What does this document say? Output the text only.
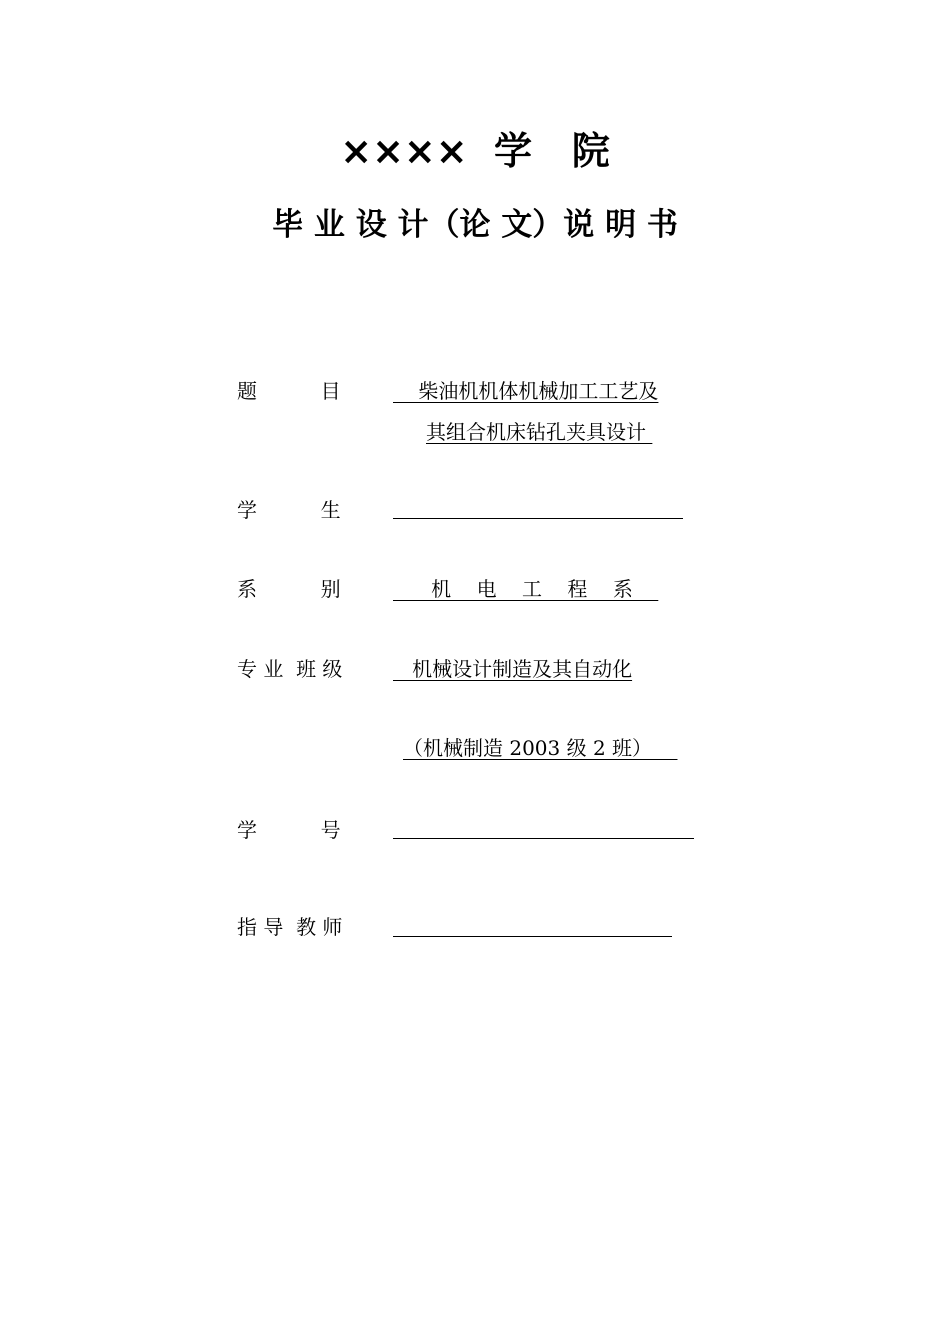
××××  学   院
毕 业 设 计（论 文）说 明 书
题          目	柴油机机体机械加工工艺及
其组合机床钻孔夹具设计
学          生
系          别	机    电    工    程    系
专 业  班 级	机械设计制造及其自动化
（机械制造 2003 级 2 班）
学          号
指 导  教 师
